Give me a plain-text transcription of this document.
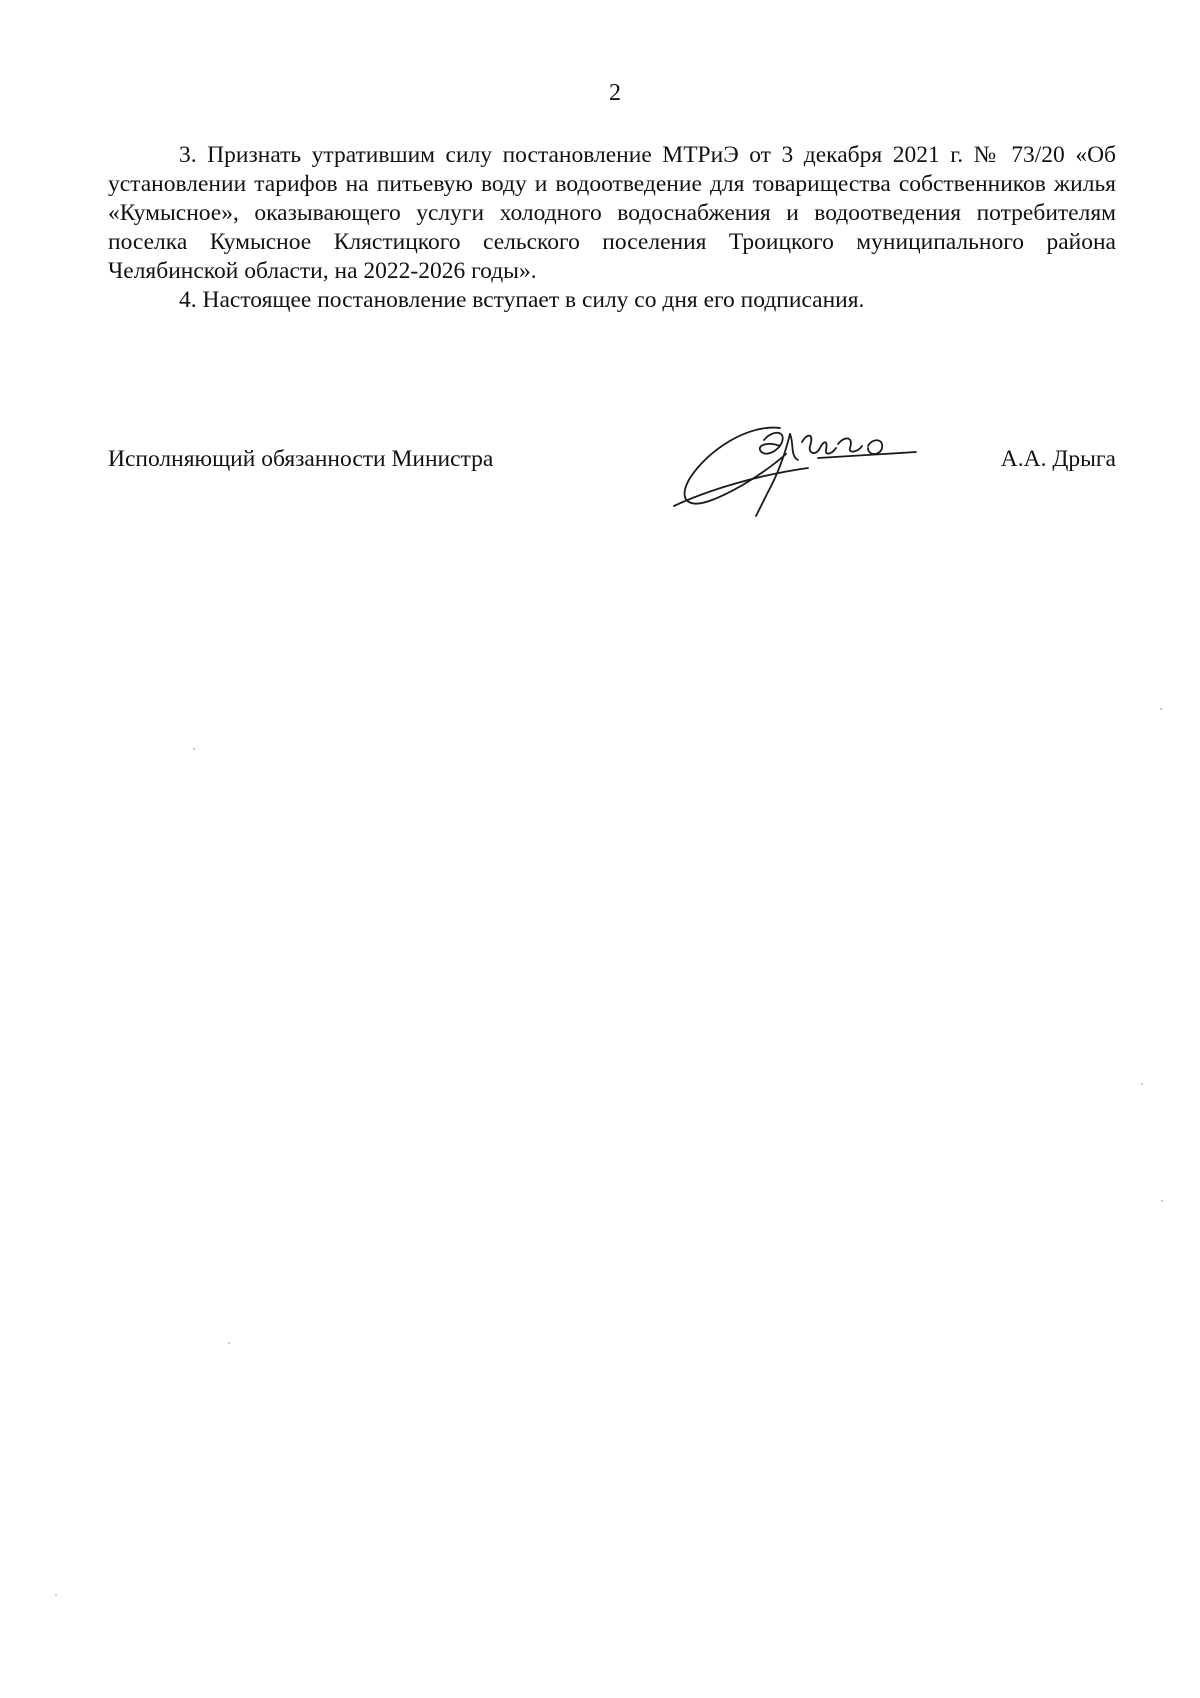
2

3. Признать утратившим силу постановление МТРиЭ от 3 декабря 2021 г. № 73/20 «Об установлении тарифов на питьевую воду и водоотведение для товарищества собственников жилья «Кумысное», оказывающего услуги холодного водоснабжения и водоотведения потребителям поселка Кумысное Клястицкого сельского поселения Троицкого муниципального района Челябинской области, на 2022-2026 годы».

4. Настоящее постановление вступает в силу со дня его подписания.

Исполняющий обязанности Министра	А.А. Дрыга
